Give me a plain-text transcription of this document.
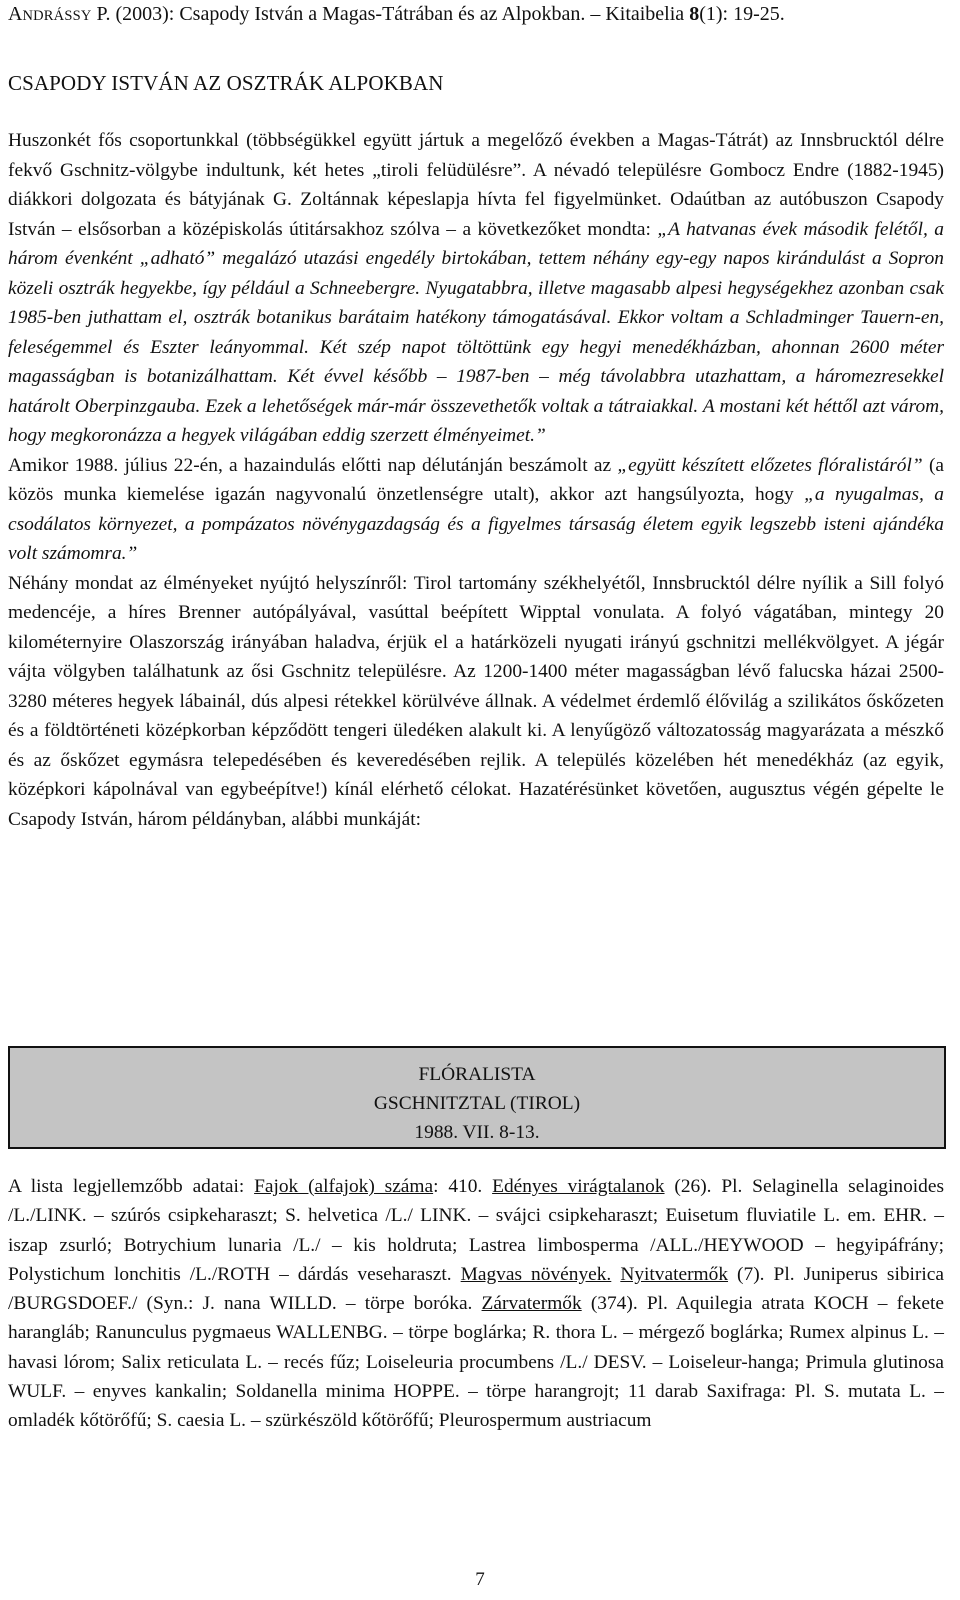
ANDRÁSSY P. (2003): Csapody István a Magas-Tátrában és az Alpokban. – Kitaibelia 8(1): 19-25.
CSAPODY ISTVÁN AZ OSZTRÁK ALPOKBAN

Huszonkét fős csoportunkkal (többségükkel együtt jártuk a megelőző években a Magas-Tátrát) az Innsbrucktól délre fekvő Gschnitz-völgybe indultunk, két hetes „tiroli felüdülésre”. A névadó településre Gombocz Endre (1882-1945) diákkori dolgozata és bátyjának G. Zoltánnak képeslapja hívta fel figyelmünket. Odaútban az autóbuszon Csapody István – elsősorban a középiskolás útitársakhoz szólva – a következőket mondta: „A hatvanas évek második felétől, a három évenként „adható” megalázó utazási engedély birtokában, tettem néhány egy-egy napos kirándulást a Sopron közeli osztrák hegyekbe, így például a Schneebergre. Nyugatabbra, illetve magasabb alpesi hegységekhez azonban csak 1985-ben juthattam el, osztrák botanikus barátaim hatékony támogatásával. Ekkor voltam a Schladminger Tauern-en, feleségemmel és Eszter leányommal. Két szép napot töltöttünk egy hegyi menedékházban, ahonnan 2600 méter magasságban is botanizálhattam. Két évvel később – 1987-ben – még távolabbra utazhattam, a háromezresekkel határolt Oberpinzgauba. Ezek a lehetőségek már-már összevethetők voltak a tátraiakkal. A mostani két héttől azt várom, hogy megkoronázza a hegyek világában eddig szerzett élményeimet.”

Amikor 1988. július 22-én, a hazaindulás előtti nap délutánján beszámolt az „együtt készített előzetes flóralistáról” (a közös munka kiemelése igazán nagyvonalú önzetlenségre utalt), akkor azt hangsúlyozta, hogy „a nyugalmas, a csodálatos környezet, a pompázatos növénygazdagság és a figyelmes társaság életem egyik legszebb isteni ajándéka volt számomra.”

Néhány mondat az élményeket nyújtó helyszínről: Tirol tartomány székhelyétől, Innsbrucktól délre nyílik a Sill folyó medencéje, a híres Brenner autópályával, vasúttal beépített Wipptal vonulata. A folyó vágatában, mintegy 20 kilométernyire Olaszország irányában haladva, érjük el a határközeli nyugati irányú gschnitzi mellékvölgyet. A jégár vájta völgyben találhatunk az ősi Gschnitz településre. Az 1200-1400 méter magasságban lévő falucska házai 2500-3280 méteres hegyek lábainál, dús alpesi rétekkel körülvéve állnak. A védelmet érdemlő élővilág a szilikátos őskőzeten és a földtörténeti középkorban képződött tengeri üledéken alakult ki. A lenyűgöző változatosság magyarázata a mészkő és az őskőzet egymásra telepedésében és keveredésében rejlik. A település közelében hét menedékház (az egyik, középkori kápolnával van egybeépítve!) kínál elérhető célokat. Hazatérésünket követően, augusztus végén gépelte le Csapody István, három példányban, alábbi munkáját:

FLÓRALISTA
GSCHNITZTAL (TIROL)
1988. VII. 8-13.

A lista legjellemzőbb adatai: Fajok (alfajok) száma: 410. Edényes virágtalanok (26). Pl. Selaginella selaginoides /L./LINK. – szúrós csipkeharaszt; S. helvetica /L./ LINK. – svájci csipkeharaszt; Euisetum fluviatile L. em. EHR. – iszap zsurló; Botrychium lunaria /L./ – kis holdruta; Lastrea limbosperma /ALL./HEYWOOD – hegyipáfrány; Polystichum lonchitis /L./ROTH – dárdás veseharaszt. Magvas növények. Nyitvatermők (7). Pl. Juniperus sibirica /BURGSDOEF./ (Syn.: J. nana WILLD. – törpe boróka. Zárvatermők (374). Pl. Aquilegia atrata KOCH – fekete harangláb; Ranunculus pygmaeus WALLENBG. – törpe boglárka; R. thora L. – mérgező boglárka; Rumex alpinus L. – havasi lórom; Salix reticulata L. – recés fűz; Loiseleuria procumbens /L./ DESV. – Loiseleur-hanga; Primula glutinosa WULF. – enyves kankalin; Soldanella minima HOPPE. – törpe harangrojt; 11 darab Saxifraga: Pl. S. mutata L. – omladék kőtörőfű; S. caesia L. – szürkészöld kőtörőfű; Pleurospermum austriacum

7
